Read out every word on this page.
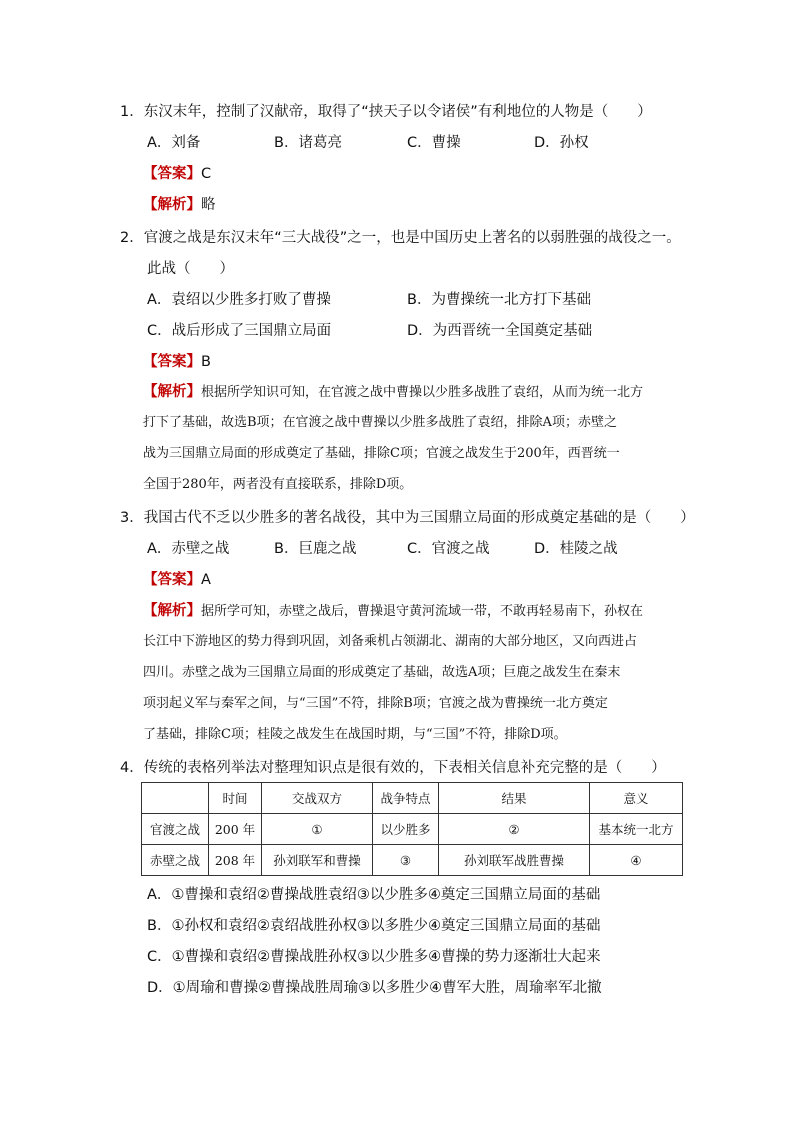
1．东汉末年，控制了汉献帝，取得了“挟天子以令诸侯”有利地位的人物是（　　）
A．刘备	B．诸葛亮	C．曹操	D．孙权
【答案】C
【解析】略
2．官渡之战是东汉末年“三大战役”之一，也是中国历史上著名的以弱胜强的战役之一。
此战（　　）
A．袁绍以少胜多打败了曹操	B．为曹操统一北方打下基础
C．战后形成了三国鼎立局面	D．为西晋统一全国奠定基础
【答案】B
【解析】根据所学知识可知，在官渡之战中曹操以少胜多战胜了袁绍，从而为统一北方
打下了基础，故选B项；在官渡之战中曹操以少胜多战胜了袁绍，排除A项；赤壁之
战为三国鼎立局面的形成奠定了基础，排除C项；官渡之战发生于200年，西晋统一
全国于280年，两者没有直接联系，排除D项。
3．我国古代不乏以少胜多的著名战役，其中为三国鼎立局面的形成奠定基础的是（　　）
A．赤壁之战	B．巨鹿之战	C．官渡之战	D．桂陵之战
【答案】A
【解析】据所学可知，赤壁之战后，曹操退守黄河流域一带，不敢再轻易南下，孙权在
长江中下游地区的势力得到巩固，刘备乘机占领湖北、湖南的大部分地区，又向西进占
四川。赤壁之战为三国鼎立局面的形成奠定了基础，故选A项；巨鹿之战发生在秦末
项羽起义军与秦军之间，与“三国”不符，排除B项；官渡之战为曹操统一北方奠定
了基础，排除C项；桂陵之战发生在战国时期，与“三国”不符，排除D项。
4．传统的表格列举法对整理知识点是很有效的，下表相关信息补充完整的是（　　）
	时间	交战双方	战争特点	结果	意义
官渡之战	200 年	①	以少胜多	②	基本统一北方
赤壁之战	208 年	孙刘联军和曹操	③	孙刘联军战胜曹操	④
A．①曹操和袁绍②曹操战胜袁绍③以少胜多④奠定三国鼎立局面的基础
B．①孙权和袁绍②袁绍战胜孙权③以多胜少④奠定三国鼎立局面的基础
C．①曹操和袁绍②曹操战胜孙权③以少胜多④曹操的势力逐渐壮大起来
D．①周瑜和曹操②曹操战胜周瑜③以多胜少④曹军大胜，周瑜率军北撤
